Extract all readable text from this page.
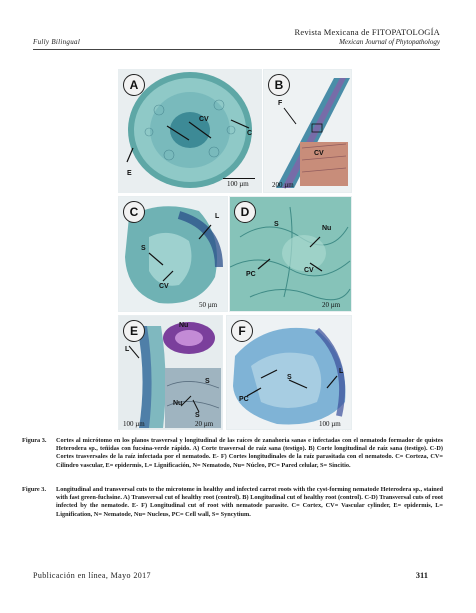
Fully Bilingual
Revista Mexicana de FITOPATOLOGÍA
Mexican Journal of Phytopathology
A
CV
C
E
100 µm
B
F
CV
200 µm
C	L
S
CV
50 µm
D
S
Nu
PC
CV
20 µm
E
L
Nu
S
Nu
S
100 µm	20 µm
F
S
L
PC
100 µm
Figura 3. Cortes al micrótomo en los planos trasversal y longitudinal de las raíces de zanahoria sanas e infectadas con el nematodo formador de quistes Heterodera sp., teñidas con fucsina-verde rápido. A) Corte trasversal de raíz sana (testigo). B) Corte longitudinal de raíz sana (testigo). C-D) Cortes trasversales de la raíz infectada por el nematodo. E- F) Cortes longitudinales de la raíz parasitada con el nematodo. C= Corteza, CV= Cilindro vascular, E= epidermis, L= Lignificación, N= Nematodo, Nu= Núcleo, PC= Pared celular, S= Sincitio.
Figure 3. Longitudinal and transversal cuts to the microtome in healthy and infected carrot roots with the cyst-forming nematode Heterodera sp., stained with fast green-fuchsine. A) Transversal cut of healthy root (control). B) Longitudinal cut of healthy root (control). C-D) Transversal cuts of root infected by the nematode. E- F) Longitudinal cut of root with nematode parasite. C= Cortex, CV= Vascular cylinder, E= epidermis, L= Lignification, N= Nematode, Nu= Nucleus, PC= Cell wall, S= Syncytium.
Publicación en línea, Mayo 2017	311
